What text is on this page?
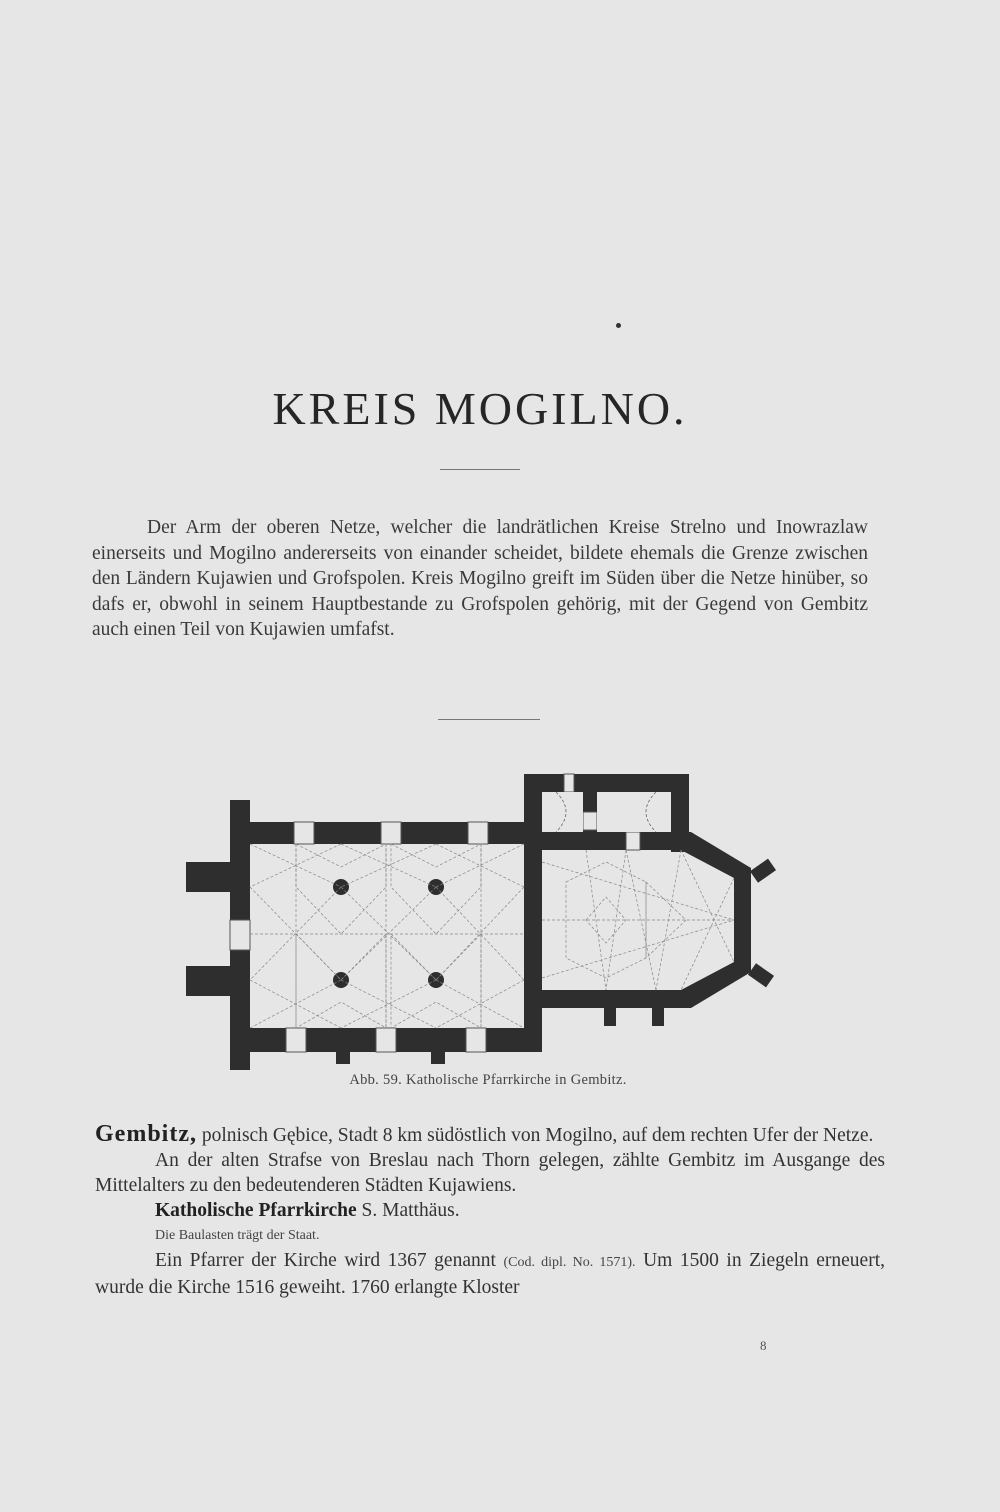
KREIS MOGILNO.

Der Arm der oberen Netze, welcher die landrätlichen Kreise Strelno und Inowrazlaw einerseits und Mogilno andererseits von einander scheidet, bildete ehemals die Grenze zwischen den Ländern Kujawien und Grofspolen. Kreis Mogilno greift im Süden über die Netze hinüber, so dafs er, obwohl in seinem Hauptbestande zu Grofspolen gehörig, mit der Gegend von Gembitz auch einen Teil von Kujawien umfafst.

Abb. 59. Katholische Pfarrkirche in Gembitz.

Gembitz, polnisch Gębice, Stadt 8 km südöstlich von Mogilno, auf dem rechten Ufer der Netze.

An der alten Strafse von Breslau nach Thorn gelegen, zählte Gembitz im Ausgange des Mittelalters zu den bedeutenderen Städten Kujawiens.

Katholische Pfarrkirche S. Matthäus.

Die Baulasten trägt der Staat.

Ein Pfarrer der Kirche wird 1367 genannt (Cod. dipl. No. 1571). Um 1500 in Ziegeln erneuert, wurde die Kirche 1516 geweiht. 1760 erlangte Kloster

8
